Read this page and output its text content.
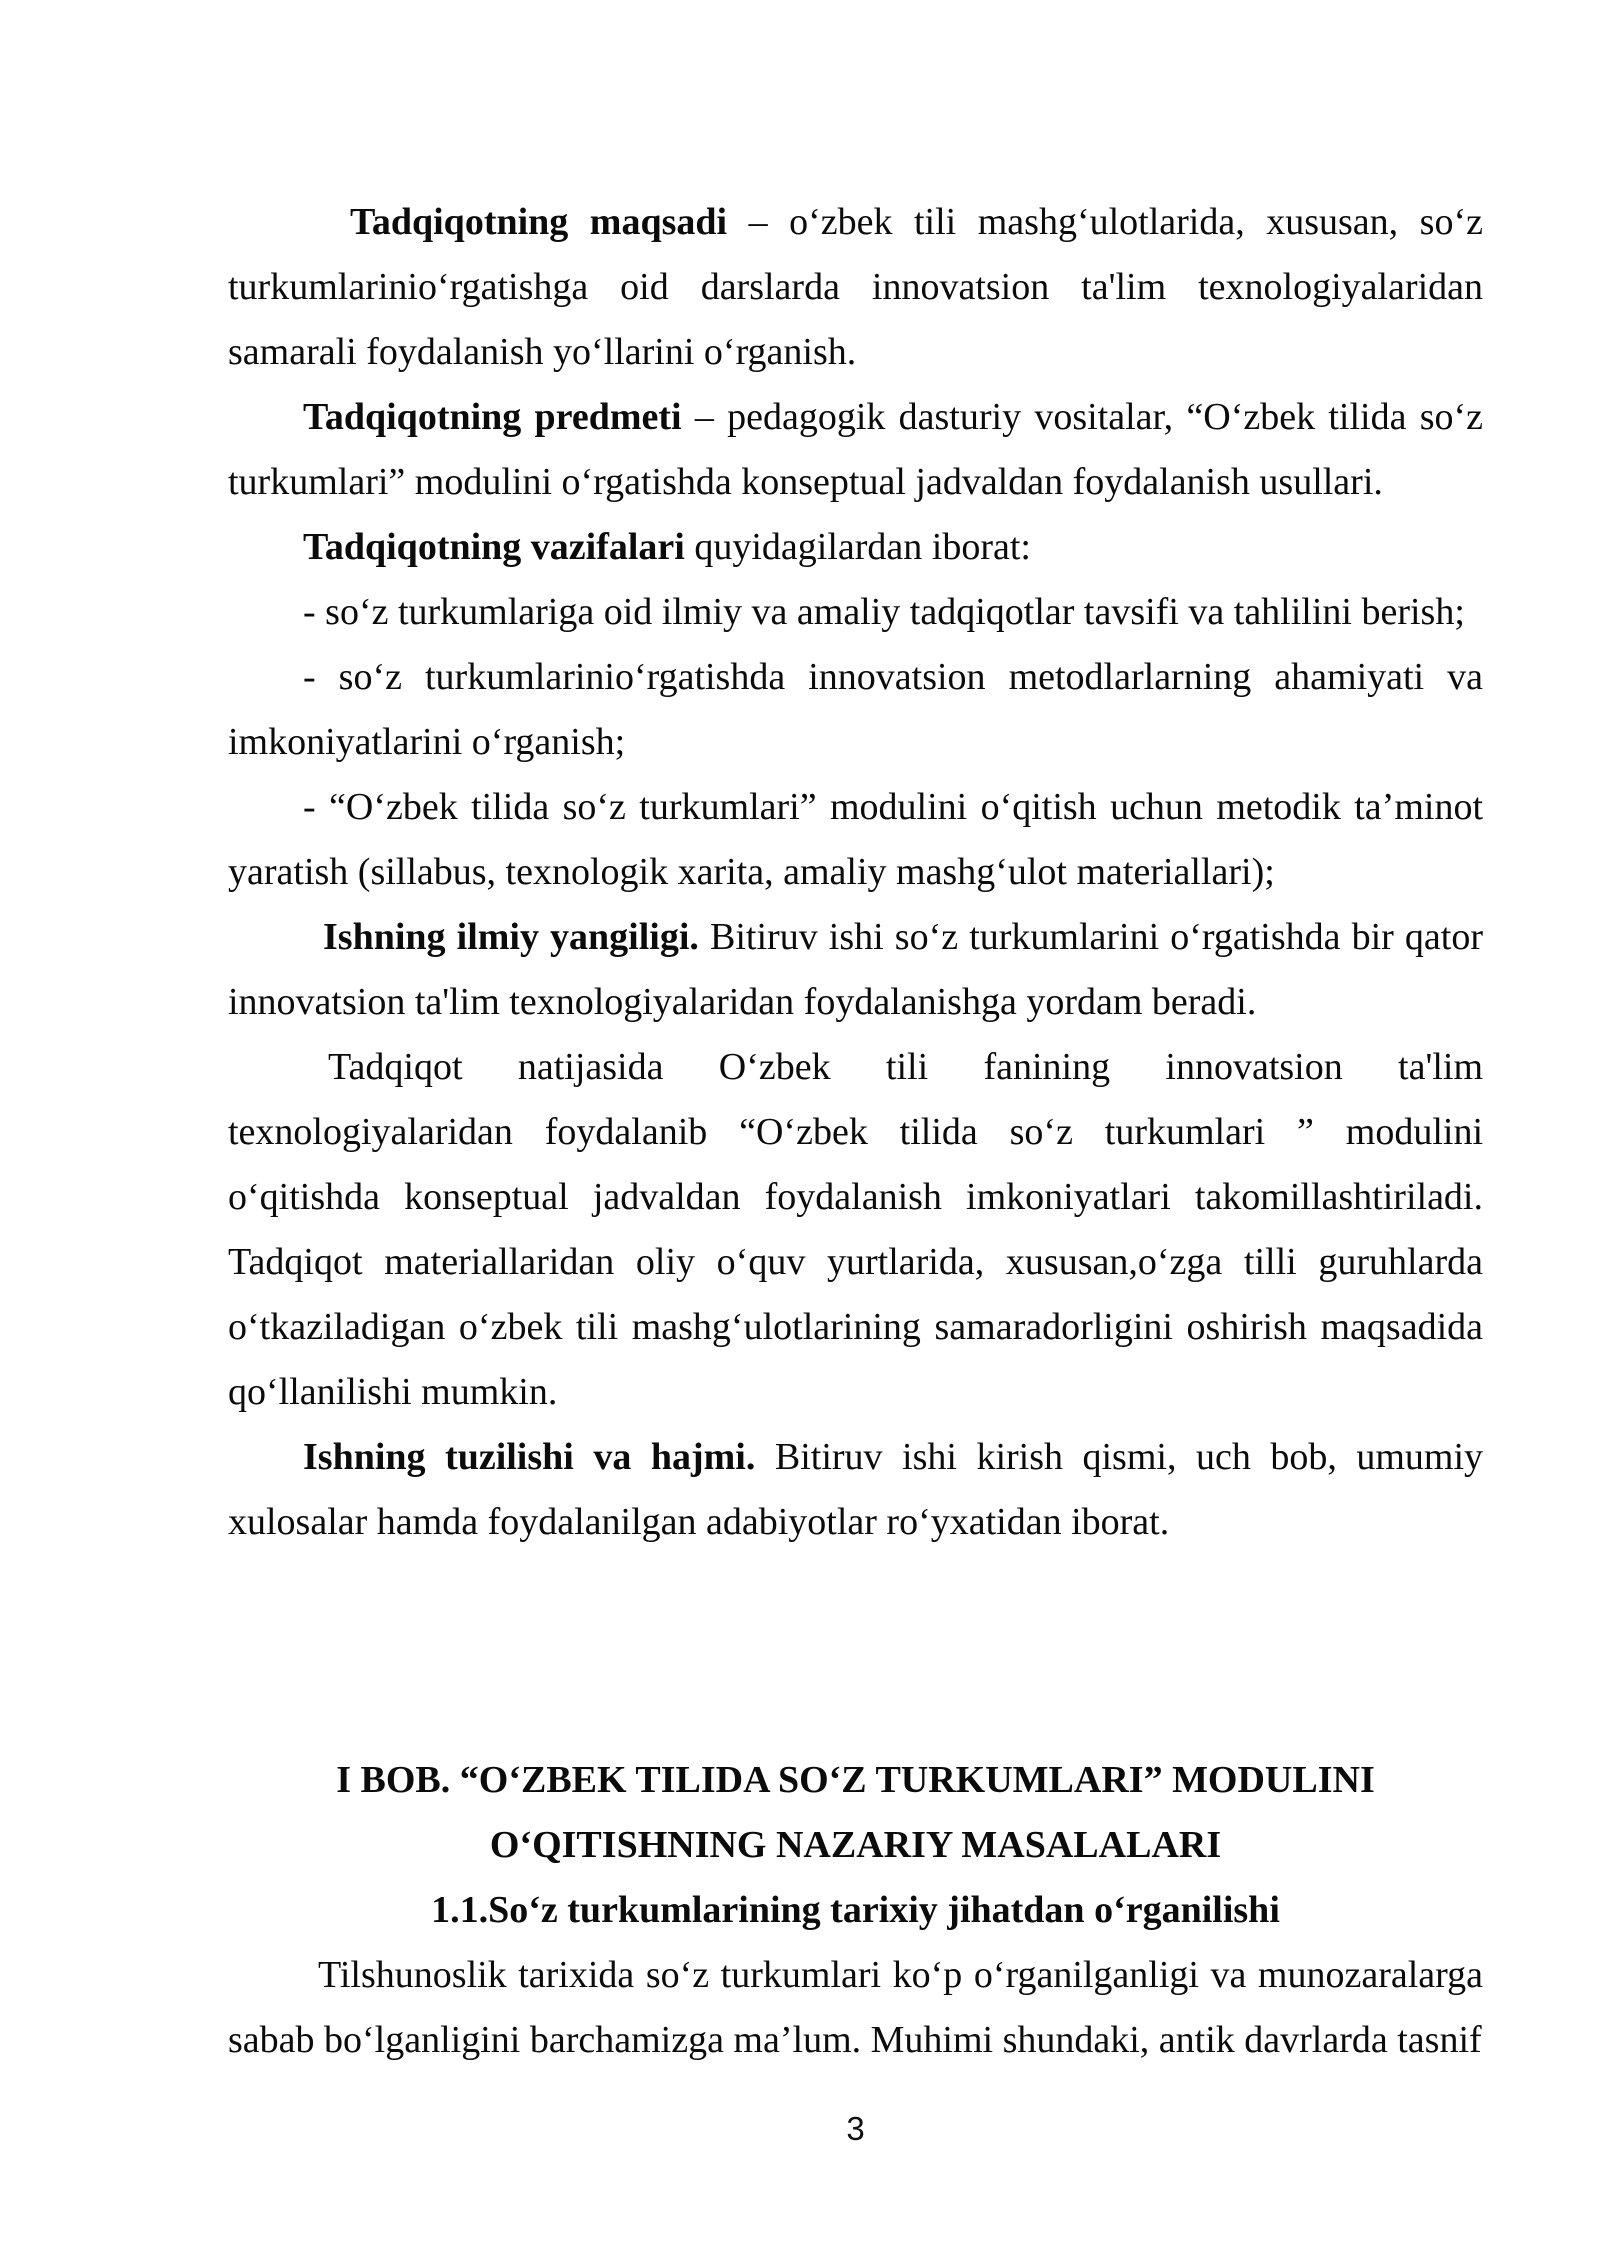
Tadqiqotning maqsadi – o‘zbek tili mashg‘ulotlarida, xususan, so‘z turkumlarinio‘rgatishga oid darslarda innovatsion ta'lim texnologiyalaridan samarali foydalanish yo‘llarini o‘rganish.

Tadqiqotning predmeti – pedagogik dasturiy vositalar, “O‘zbek tilida so‘z turkumlari” modulini o‘rgatishda konseptual jadvaldan foydalanish usullari.

Tadqiqotning vazifalari quyidagilardan iborat:

- so‘z turkumlariga oid ilmiy va amaliy tadqiqotlar tavsifi va tahlilini berish;

- so‘z turkumlarinio‘rgatishda innovatsion metodlarlarning ahamiyati va imkoniyatlarini o‘rganish;

- “O‘zbek tilida so‘z turkumlari” modulini o‘qitish uchun metodik ta’minot yaratish (sillabus, texnologik xarita, amaliy mashg‘ulot materiallari);

Ishning ilmiy yangiligi. Bitiruv ishi so‘z turkumlarini o‘rgatishda bir qator innovatsion ta'lim texnologiyalaridan foydalanishga yordam beradi.

Tadqiqot natijasida O‘zbek tili fanining innovatsion ta'lim texnologiyalaridan foydalanib “O‘zbek tilida so‘z turkumlari ” modulini o‘qitishda konseptual jadvaldan foydalanish imkoniyatlari takomillashtiriladi. Tadqiqot materiallaridan oliy o‘quv yurtlarida, xususan,o‘zga tilli guruhlarda o‘tkaziladigan o‘zbek tili mashg‘ulotlarining samaradorligini oshirish maqsadida qo‘llanilishi mumkin.

Ishning tuzilishi va hajmi. Bitiruv ishi kirish qismi, uch bob, umumiy xulosalar hamda foydalanilgan adabiyotlar ro‘yxatidan iborat.

I BOB. “O‘ZBEK TILIDA SO‘Z TURKUMLARI” MODULINI

O‘QITISHNING NAZARIY MASALALARI

1.1.So‘z turkumlarining tarixiy jihatdan o‘rganilishi

Tilshunoslik tarixida so‘z turkumlari ko‘p o‘rganilganligi va munozaralarga sabab bo‘lganligini barchamizga ma’lum. Muhimi shundaki, antik davrlarda tasnif

3
